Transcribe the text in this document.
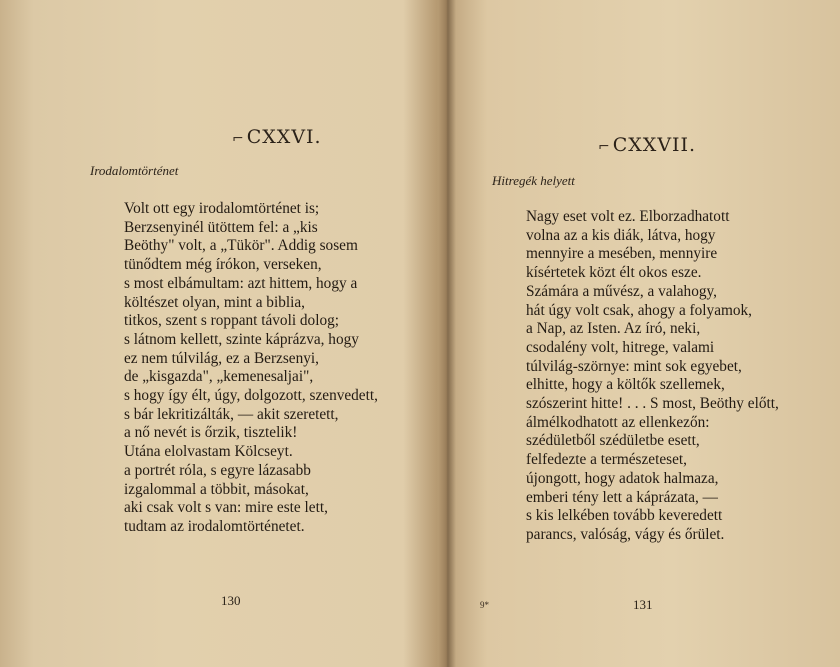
⌐ CXXVI.
Irodalomtörténet
Volt ott egy irodalomtörténet is;
Berzsenyinél ütöttem fel: a „kis
Beöthy" volt, a „Tükör". Addig sosem
tünődtem még írókon, verseken,
s most elbámultam: azt hittem, hogy a
költészet olyan, mint a biblia,
titkos, szent s roppant távoli dolog;
s látnom kellett, szinte káprázva, hogy
ez nem túlvilág, ez a Berzsenyi,
de „kisgazda", „kemenesaljai",
s hogy így élt, úgy, dolgozott, szenvedett,
s bár lekritizálták, — akit szeretett,
a nő nevét is őrzik, tisztelik!
Utána elolvastam Kölcseyt.
a portrét róla, s egyre lázasabb
izgalommal a többit, másokat,
aki csak volt s van: mire este lett,
tudtam az irodalomtörténetet.
130
⌐ CXXVII.
Hitregék helyett
Nagy eset volt ez. Elborzadhatott
volna az a kis diák, látva, hogy
mennyire a mesében, mennyire
kísértetek közt élt okos esze.
Számára a művész, a valahogy,
hát úgy volt csak, ahogy a folyamok,
a Nap, az Isten. Az író, neki,
csodalény volt, hitrege, valami
túlvilág-szörnye: mint sok egyebet,
elhitte, hogy a költők szellemek,
szószerint hitte! . . . S most, Beöthy előtt,
álmélkodhatott az ellenkezőn:
szédületből szédületbe esett,
felfedezte a természeteset,
újongott, hogy adatok halmaza,
emberi tény lett a káprázata, —
s kis lelkében tovább keveredett
parancs, valóság, vágy és őrület.
9*	131
